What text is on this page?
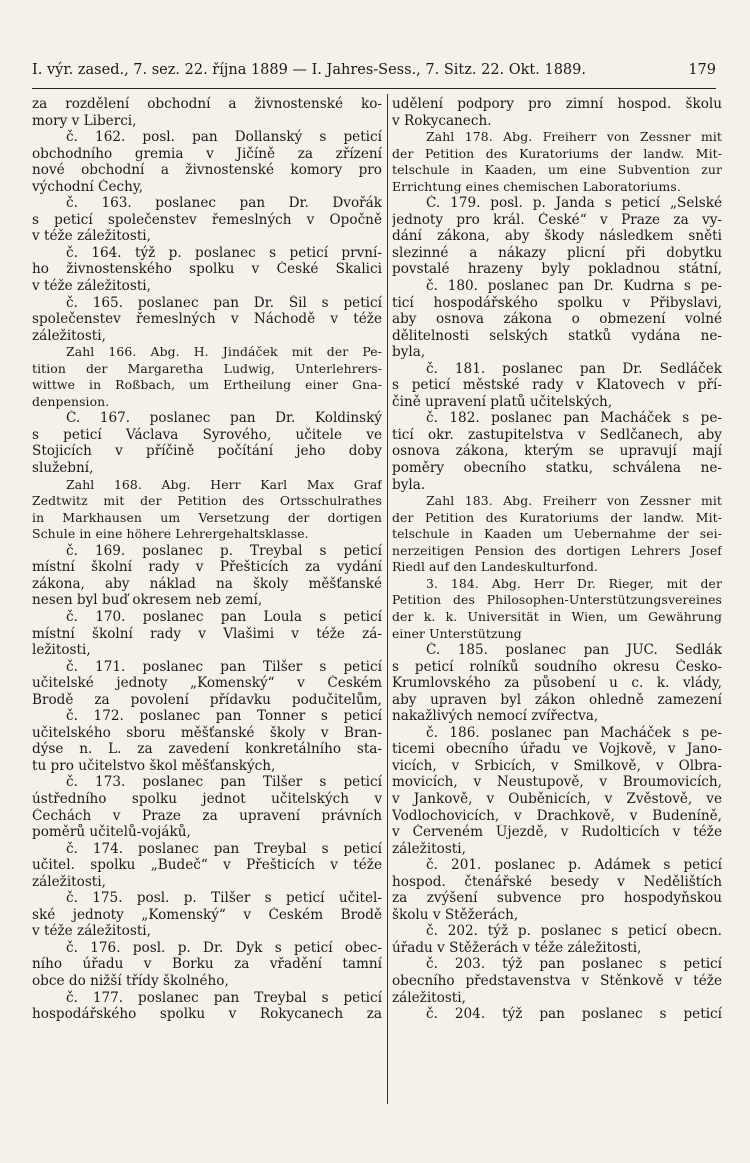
I. výr. zased., 7. sez. 22. října 1889 — I. Jahres-Sess., 7. Sitz. 22. Okt. 1889.	179
za rozdělení obchodní a živnostenské ko-
mory v Liberci,
č. 162. posl. pan Dollanský s peticí
obchodního gremia v Jičíně za zřízení
nové obchodní a živnostenské komory pro
východní Čechy,
č. 163. poslanec pan Dr. Dvořák
s peticí společenstev řemeslných v Opočně
v téže záležitosti,
č. 164. týž p. poslanec s peticí první-
ho živnostenského spolku v České Skalici
v téže záležitosti,
č. 165. poslanec pan Dr. Šil s peticí
společenstev řemeslných v Náchodě v téže
záležitosti,
Zahl 166. Abg. H. Jindáček mit der Pe-
tition der Margaretha Ludwig, Unterlehrers-
wittwe in Roßbach, um Ertheilung einer Gna-
denpension.
Č. 167. poslanec pan Dr. Koldinský
s peticí Václava Syrového, učitele ve
Stojicích v příčině počítání jeho doby
služební,
Zahl 168. Abg. Herr Karl Max Graf
Zedtwitz mit der Petition des Ortsschulrathes
in Markhausen um Versetzung der dortigen
Schule in eine höhere Lehrergehaltsklasse.
č. 169. poslanec p. Treybal s peticí
místní školní rady v Přešticích za vydání
zákona, aby náklad na školy měšťanské
nesen byl buď okresem neb zemí,
č. 170. poslanec pan Loula s peticí
místní školní rady v Vlašimi v téže zá-
ležitosti,
č. 171. poslanec pan Tilšer s peticí
učitelské jednoty „Komenský“ v Českém
Brodě za povolení přídavku podučitelům,
č. 172. poslanec pan Tonner s peticí
učitelského sboru měšťanské školy v Bran-
dýse n. L. za zavedení konkretálního sta-
tu pro učitelstvo škol měšťanských,
č. 173. poslanec pan Tilšer s peticí
ústředního spolku jednot učitelských v
Čechách v Praze za upravení právních
poměrů učitelů-vojáků,
č. 174. poslanec pan Treybal s peticí
učitel. spolku „Budeč“ v Přešticích v téže
záležitosti,
č. 175. posl. p. Tilšer s peticí učitel-
ské jednoty „Komenský“ v Českém Brodě
v téže záležitosti,
č. 176. posl. p. Dr. Dyk s peticí obec-
ního úřadu v Borku za vřadění tamní
obce do nižší třídy školného,
č. 177. poslanec pan Treybal s peticí
hospodářského spolku v Rokycanech za
udělení podpory pro zimní hospod. školu
v Rokycanech.
Zahl 178. Abg. Freiherr von Zessner mit
der Petition des Kuratoriums der landw. Mit-
telschule in Kaaden, um eine Subvention zur
Errichtung eines chemischen Laboratoriums.
Č. 179. posl. p. Janda s peticí „Selské
jednoty pro král. České“ v Praze za vy-
dání zákona, aby škody následkem sněti
slezinné a nákazy plicní při dobytku
povstalé hrazeny byly pokladnou státní,
č. 180. poslanec pan Dr. Kudrna s pe-
ticí hospodářského spolku v Přibyslavi,
aby osnova zákona o obmezení volné
dělitelnosti selských statků vydána ne-
byla,
č. 181. poslanec pan Dr. Sedláček
s peticí městské rady v Klatovech v pří-
čině upravení platů učitelských,
č. 182. poslanec pan Macháček s pe-
ticí okr. zastupitelstva v Sedlčanech, aby
osnova zákona, kterým se upravují mají
poměry obecního statku, schválena ne-
byla.
Zahl 183. Abg. Freiherr von Zessner mit
der Petition des Kuratoriums der landw. Mit-
telschule in Kaaden um Uebernahme der sei-
nerzeitigen Pension des dortigen Lehrers Josef
Riedl auf den Landeskulturfond.
3. 184. Abg. Herr Dr. Rieger, mit der
Petition des Philosophen-Unterstützungsvereines
der k. k. Universität in Wien, um Gewährung
einer Unterstützung
Č. 185. poslanec pan JUC. Sedlák
s peticí rolníků soudního okresu Česko-
Krumlovského za působení u c. k. vlády,
aby upraven byl zákon ohledně zamezení
nakažlivých nemocí zvířectva,
č. 186. poslanec pan Macháček s pe-
ticemi obecního úřadu ve Vojkově, v Jano-
vicích, v Srbicích, v Smilkově, v Olbra-
movicích, v Neustupově, v Broumovicích,
v Jankově, v Ouběnicích, v Zvěstově, ve
Vodlochovicích, v Drachkově, v Budeníně,
v Červeném Újezdě, v Rudolticích v téže
záležitosti,
č. 201. poslanec p. Adámek s peticí
hospod. čtenářské besedy v Nedělištích
za zvýšení subvence pro hospodyňskou
školu v Stěžerách,
č. 202. týž p. poslanec s peticí obecn.
úřadu v Stěžerách v téže záležitosti,
č. 203. týž pan poslanec s peticí
obecního představenstva v Stěnkově v téže
záležitosti,
č. 204. týž pan poslanec s peticí
